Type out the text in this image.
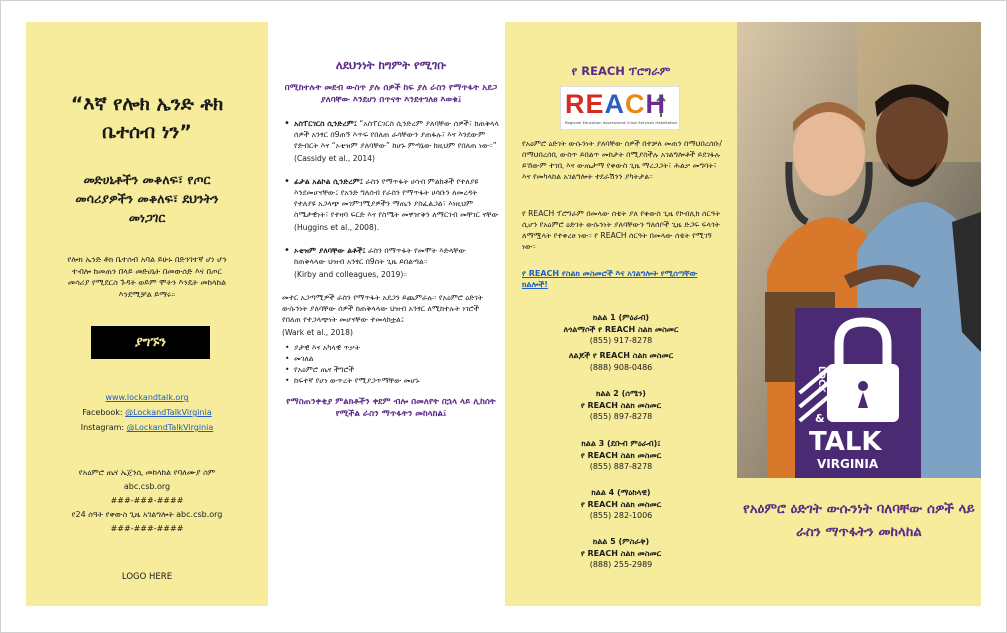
“እኛ የሎክ ኤንድ ቶክ ቤተሰብ ነን”
መድሀኒቶችን መቆለፍ፣ የጦር መሳሪያዎችን መቆለፍ፣ ደህንትን መነጋገር
የሎክ ኤንድ ቶክ ቤተሰብ አባል ይሁኑ በድንገተኛ ሆነ ሆን ተብሎ ከመጠን በላይ መድሀኒት በመውሰድ እና በጦር መሳሪያ የሚደርስ ጉዳት ወይም ሞትን እንዴት መከላከል እንደሚቻል ይማሩ።
ያግኙን
www.lockandtalk.org
Facebook: @LockandTalkVirginia
Instagram: @LockandTalkVirginia
የአዕምሮ ጤና ኤጀንሲ መከላከል የባለሙያ ስም
abc.csb.org
###-###-####
የ24 ሰዓት የቀውስ ጊዜ አገልግሎት abc.csb.org
###-###-####
LOGO HERE
ለደህንነት ከግምት የሚገቡ
በሚከተሉት መደብ ውስጥ ያሉ ሰዎች ከፍ ያለ ራስን የማጥፋት አደጋ ያለባቸው እንደሆነ በጥናት እንደተገለፀ እወቁ፤
• አስፐርገርስ ሲንድረም፤ “አስፐርገርስ ሲንድረም ያለባቸው ሰዎች፣ ከጠቅላላ ሰዎች አንፃር በ9ጠኝ እጥፍ የበለጠ ራሳቸውን ያጠፋሉ፣ እና እንደውም የድብርት እና “ኦቲዝም ያለባቸው” ከሆኑ ምጣኔው ከዚህም የበለጠ ነው።”
(Cassidy et al., 2014)
• ፊታል አልኮል ሲንድረም፤ ራስን የማጥፋት ሀሳብ ምልክቶች የተለያዩ እንደመሆናቸው፤ የአንድ ግለሰብ የራስን የማጥፋት ሀሳቡን ለመረዳት የተለያዩ አጋላጭ መገምገሚያዎችን ማጤን ያስፈልጋል፣ እነዚህም ስሜታዊነት፣ የተዛባ ፍርድ እና የስሜት መዋዠቅን ለማርገብ መቸገር ናቸው
(Huggins et al., 2008).
• ኦቲዝም ያለባቸው ልቶች፤ ራስን በማጥፋት የመሞት እድላቸው ከጠቅላላው ህዝብ አንፃር በ9ሰት ጊዜ ይበልጣል።
(Kirby and colleagues, 2019)።
መተር አጋጣሚዎች ራስን የማጥፋት አደጋን ይጨምራሉ። የአዕምሮ ዕድገት ውሱንነት ያለባቸው ሰዎች ከጠቅላላው ህዝብ አንፃር ለሚከተሉት ነገሮች የበለጠ የተጋላጭነት መሆናቸው ተመላክቷል፤
(Wark et al., 2018)
• ያታዊ እና አካላዊ ጥቃት
• መገለል
• የአዕምሮ ጤና ችግሮች
• ከፍተኛ የሆነ ውጥረት የሚያጋጥማቸው መሆኑ
የማስጠንቀቂያ ምልክቶችን ቀደም ብሎ በመለየት በኋላ ላይ ሊከሰት የሚችል ራስን ማጥፋትን መከላከል፤
የ REACH ፕሮግራም
REACH
Regional Education Assessment Crisis Services Habilitation
የአዕምሮ ዕድገት ውሱንነት ያለባቸው ሰዎች በተቻለ መጠን በማህበረሰቡ/በማህበረሰቢ ውስጥ ይበልጥ መከታት በሚያስችሉ አገልግሎቶች ይደገፋሉ ይኸውም ተገቢ እና ውጤታማ የቀውስ ጊዜ ማረጋጋት፣ ሕልቃ መግባት፣ እና የመካላከል አገልግሎት ተደራሽንን ያካትታል።
የ REACH ፕሮግራም በመላው ሰቴት ያለ የቀውስ ጊዜ የኮብሊክ ሰርዓት ሲሆን የአዕምሮ ዕድገት ውሱንነት ያለባቸውን ግለሰቦች ጊዜ ድጋፍ ፍላጎት ለማሟላት የተቀረፀ ነው። የ REACH ሰርዓት በመላው ሰቴት የሚገኝ ነው።
የ REACH የስልክ መስመሮች እና አገልግሎት የሚሰጣቸው ክልሎች!
ክልል 1 (ምዕራብ)
ለጎልማሶች የ REACH ስልክ መስመር
(855) 917-8278
ለልጆች የ REACH ስልክ መስመር
(888) 908-0486
ክልል 2 (ሰሜን)
የ REACH ስልክ መስመር
(855) 897-8278
ክልል 3 (ደቡብ ምዕራብ)፤
የ REACH ስልክ መስመር
(855) 887-8278
ክልል 4 (ማዕከላዊ)
የ REACH ስልክ መስመር
(855) 282-1006
ክልል 5 (ምስራቅ)
የ REACH ስልክ መስመር
(888) 255-2989
LOCK
&
TALK
VIRGINIA
የአዕምሮ ዕድገት ውሱንነት ባለባቸው ሰዎች ላይ ራስን ማጥፋትን መከላከል
